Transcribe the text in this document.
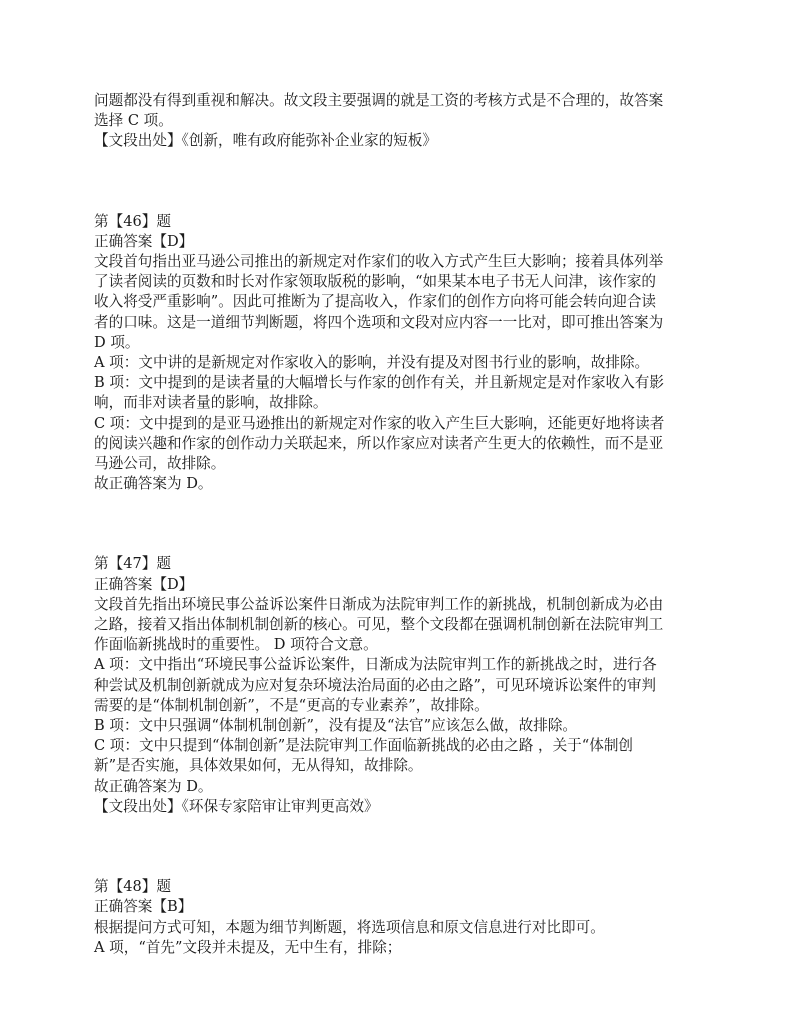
问题都没有得到重视和解决。故文段主要强调的就是工资的考核方式是不合理的，故答案
选择 C 项。
【文段出处】《创新，唯有政府能弥补企业家的短板》
第【46】题
正确答案【D】
文段首句指出亚马逊公司推出的新规定对作家们的收入方式产生巨大影响；接着具体列举
了读者阅读的页数和时长对作家领取版税的影响，“如果某本电子书无人问津，该作家的
收入将受严重影响”。因此可推断为了提高收入，作家们的创作方向将可能会转向迎合读
者的口味。这是一道细节判断题，将四个选项和文段对应内容一一比对，即可推出答案为
D 项。
A 项：文中讲的是新规定对作家收入的影响，并没有提及对图书行业的影响，故排除。
B 项：文中提到的是读者量的大幅增长与作家的创作有关，并且新规定是对作家收入有影
响，而非对读者量的影响，故排除。
C 项：文中提到的是亚马逊推出的新规定对作家的收入产生巨大影响，还能更好地将读者
的阅读兴趣和作家的创作动力关联起来，所以作家应对读者产生更大的依赖性，而不是亚
马逊公司，故排除。
故正确答案为 D。
第【47】题
正确答案【D】
文段首先指出环境民事公益诉讼案件日渐成为法院审判工作的新挑战，机制创新成为必由
之路，接着又指出体制机制创新的核心。可见，整个文段都在强调机制创新在法院审判工
作面临新挑战时的重要性。 D 项符合文意。
A 项：文中指出“环境民事公益诉讼案件，日渐成为法院审判工作的新挑战之时，进行各
种尝试及机制创新就成为应对复杂环境法治局面的必由之路”，可见环境诉讼案件的审判
需要的是“体制机制创新”，不是“更高的专业素养”，故排除。
B 项：文中只强调“体制机制创新”，没有提及“法官”应该怎么做，故排除。
C 项：文中只提到“体制创新”是法院审判工作面临新挑战的必由之路 ，关于“体制创
新”是否实施，具体效果如何，无从得知，故排除。
故正确答案为 D。
【文段出处】《环保专家陪审让审判更高效》
第【48】题
正确答案【B】
根据提问方式可知，本题为细节判断题，将选项信息和原文信息进行对比即可。
A 项，“首先”文段并未提及，无中生有，排除；
